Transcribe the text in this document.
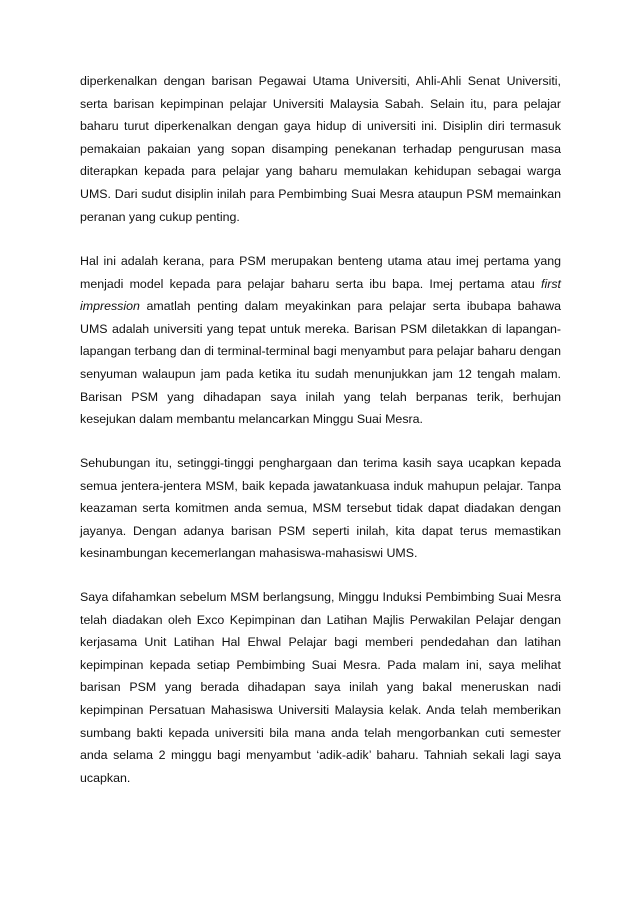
diperkenalkan dengan barisan Pegawai Utama Universiti, Ahli-Ahli Senat Universiti, serta barisan kepimpinan pelajar Universiti Malaysia Sabah. Selain itu, para pelajar baharu turut diperkenalkan dengan gaya hidup di universiti ini. Disiplin diri termasuk pemakaian pakaian yang sopan disamping penekanan terhadap pengurusan masa diterapkan kepada para pelajar yang baharu memulakan kehidupan sebagai warga UMS. Dari sudut disiplin inilah para Pembimbing Suai Mesra ataupun PSM memainkan peranan yang cukup penting.

Hal ini adalah kerana, para PSM merupakan benteng utama atau imej pertama yang menjadi model kepada para pelajar baharu serta ibu bapa. Imej pertama atau first impression amatlah penting dalam meyakinkan para pelajar serta ibubapa bahawa UMS adalah universiti yang tepat untuk mereka. Barisan PSM diletakkan di lapangan-lapangan terbang dan di terminal-terminal bagi menyambut para pelajar baharu dengan senyuman walaupun jam pada ketika itu sudah menunjukkan jam 12 tengah malam. Barisan PSM yang dihadapan saya inilah yang telah berpanas terik, berhujan kesejukan dalam membantu melancarkan Minggu Suai Mesra.

Sehubungan itu, setinggi-tinggi penghargaan dan terima kasih saya ucapkan kepada semua jentera-jentera MSM, baik kepada jawatankuasa induk mahupun pelajar. Tanpa keazaman serta komitmen anda semua, MSM tersebut tidak dapat diadakan dengan jayanya. Dengan adanya barisan PSM seperti inilah, kita dapat terus memastikan kesinambungan kecemerlangan mahasiswa-mahasiswi UMS.

Saya difahamkan sebelum MSM berlangsung, Minggu Induksi Pembimbing Suai Mesra telah diadakan oleh Exco Kepimpinan dan Latihan Majlis Perwakilan Pelajar dengan kerjasama Unit Latihan Hal Ehwal Pelajar bagi memberi pendedahan dan latihan kepimpinan kepada setiap Pembimbing Suai Mesra. Pada malam ini, saya melihat barisan PSM yang berada dihadapan saya inilah yang bakal meneruskan nadi kepimpinan Persatuan Mahasiswa Universiti Malaysia kelak. Anda telah memberikan sumbang bakti kepada universiti bila mana anda telah mengorbankan cuti semester anda selama 2 minggu bagi menyambut ‘adik-adik’ baharu. Tahniah sekali lagi saya ucapkan.
